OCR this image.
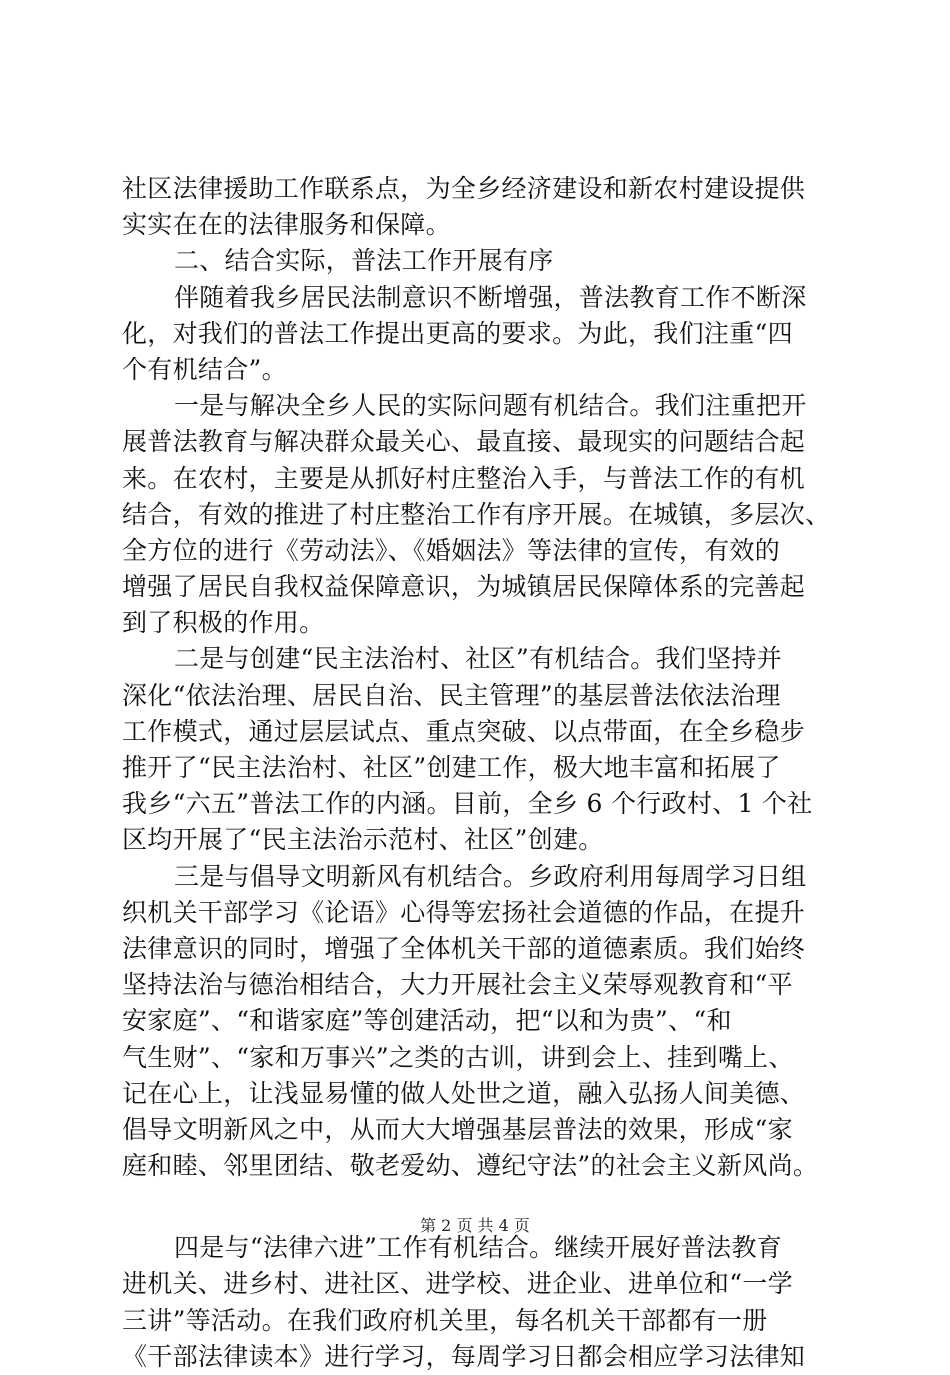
社区法律援助工作联系点，为全乡经济建设和新农村建设提供
实实在在的法律服务和保障。
二、结合实际，普法工作开展有序
伴随着我乡居民法制意识不断增强，普法教育工作不断深
化，对我们的普法工作提出更高的要求。为此，我们注重“四
个有机结合”。
一是与解决全乡人民的实际问题有机结合。我们注重把开
展普法教育与解决群众最关心、最直接、最现实的问题结合起
来。在农村，主要是从抓好村庄整治入手，与普法工作的有机
结合，有效的推进了村庄整治工作有序开展。在城镇，多层次、
全方位的进行《劳动法》、《婚姻法》等法律的宣传，有效的
增强了居民自我权益保障意识，为城镇居民保障体系的完善起
到了积极的作用。
二是与创建“民主法治村、社区”有机结合。我们坚持并
深化“依法治理、居民自治、民主管理”的基层普法依法治理
工作模式，通过层层试点、重点突破、以点带面，在全乡稳步
推开了“民主法治村、社区”创建工作，极大地丰富和拓展了
我乡“六五”普法工作的内涵。目前，全乡 6 个行政村、1 个社
区均开展了“民主法治示范村、社区”创建。
三是与倡导文明新风有机结合。乡政府利用每周学习日组
织机关干部学习《论语》心得等宏扬社会道德的作品，在提升
法律意识的同时，增强了全体机关干部的道德素质。我们始终
坚持法治与德治相结合，大力开展社会主义荣辱观教育和“平
安家庭”、“和谐家庭”等创建活动，把“以和为贵”、“和
气生财”、“家和万事兴”之类的古训，讲到会上、挂到嘴上、
记在心上，让浅显易懂的做人处世之道，融入弘扬人间美德、
倡导文明新风之中，从而大大增强基层普法的效果，形成“家
庭和睦、邻里团结、敬老爱幼、遵纪守法”的社会主义新风尚。
四是与“法律六进”工作有机结合。继续开展好普法教育
进机关、进乡村、进社区、进学校、进企业、进单位和“一学
三讲”等活动。在我们政府机关里，每名机关干部都有一册
《干部法律读本》进行学习，每周学习日都会相应学习法律知
第 2 页 共 4 页
